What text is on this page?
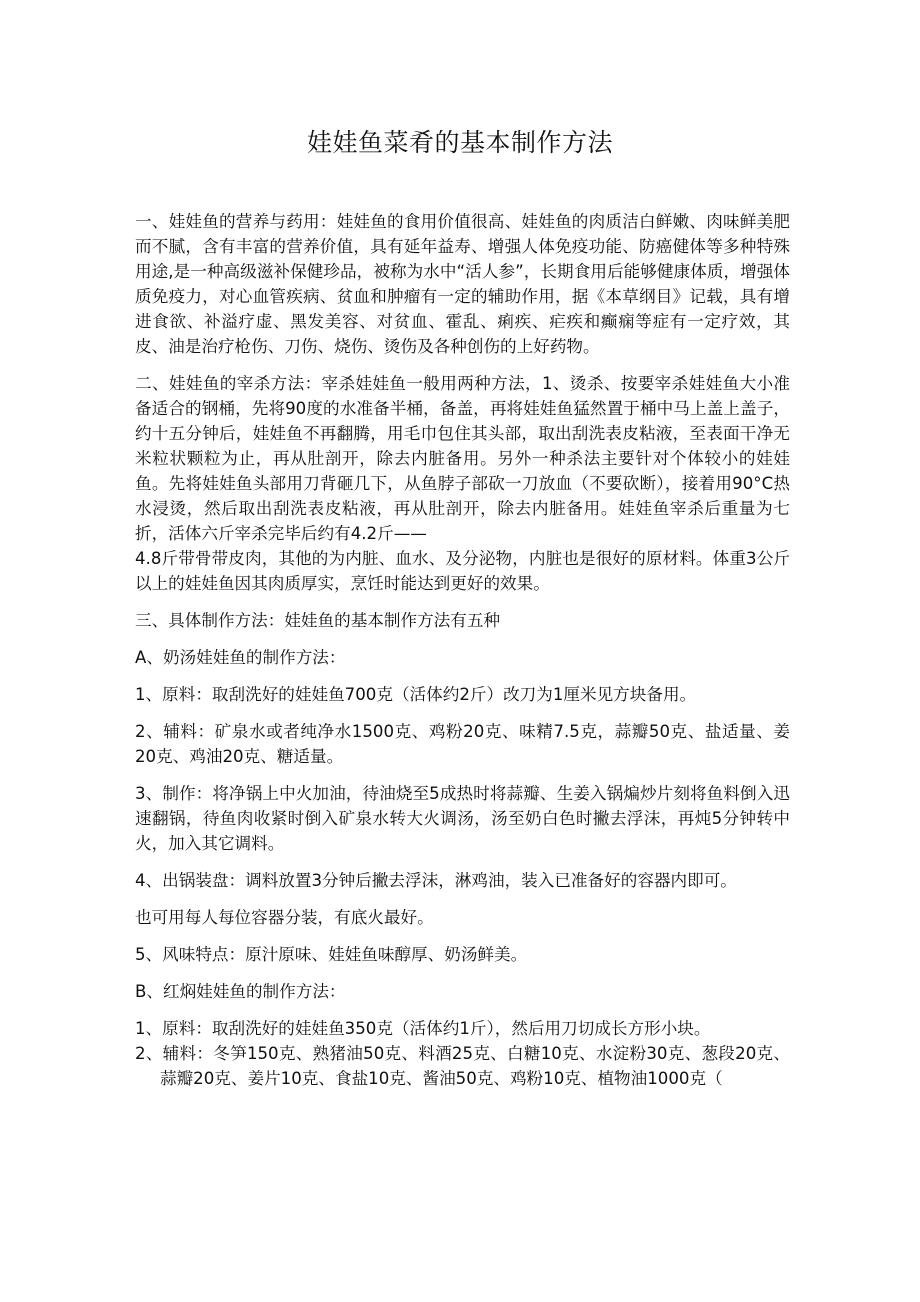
娃娃鱼菜肴的基本制作方法

一、娃娃鱼的营养与药用：娃娃鱼的食用价值很高、娃娃鱼的肉质洁白鲜嫩、肉味鲜美肥而不腻，含有丰富的营养价值，具有延年益寿、增强人体免疫功能、防癌健体等多种特殊用途,是一种高级滋补保健珍品，被称为水中“活人参”，长期食用后能够健康体质，增强体质免疫力，对心血管疾病、贫血和肿瘤有一定的辅助作用，据《本草纲目》记载，具有增进食欲、补溢疗虚、黑发美容、对贫血、霍乱、痢疾、疟疾和癫痫等症有一定疗效，其皮、油是治疗枪伤、刀伤、烧伤、烫伤及各种创伤的上好药物。

二、娃娃鱼的宰杀方法：宰杀娃娃鱼一般用两种方法，1、烫杀、按要宰杀娃娃鱼大小准备适合的钢桶，先将90度的水准备半桶，备盖，再将娃娃鱼猛然置于桶中马上盖上盖子，约十五分钟后，娃娃鱼不再翻腾，用毛巾包住其头部，取出刮洗表皮粘液，至表面干净无米粒状颗粒为止，再从肚剖开，除去内脏备用。另外一种杀法主要针对个体较小的娃娃鱼。先将娃娃鱼头部用刀背砸几下，从鱼脖子部砍一刀放血（不要砍断），接着用90°C热水浸烫，然后取出刮洗表皮粘液，再从肚剖开，除去内脏备用。娃娃鱼宰杀后重量为七折，活体六斤宰杀完毕后约有4.2斤——

4.8斤带骨带皮肉，其他的为内脏、血水、及分泌物，内脏也是很好的原材料。体重3公斤以上的娃娃鱼因其肉质厚实，烹饪时能达到更好的效果。

三、具体制作方法：娃娃鱼的基本制作方法有五种

A、奶汤娃娃鱼的制作方法：

1、原料：取刮洗好的娃娃鱼700克（活体约2斤）改刀为1厘米见方块备用。

2、辅料：矿泉水或者纯净水1500克、鸡粉20克、味精7.5克，蒜瓣50克、盐适量、姜20克、鸡油20克、糖适量。

3、制作：将净锅上中火加油，待油烧至5成热时将蒜瓣、生姜入锅煸炒片刻将鱼料倒入迅速翻锅，待鱼肉收紧时倒入矿泉水转大火调汤，汤至奶白色时撇去浮沫，再炖5分钟转中火，加入其它调料。

4、出锅装盘：调料放置3分钟后撇去浮沫，淋鸡油，装入已准备好的容器内即可。

也可用每人每位容器分装，有底火最好。

5、风味特点：原汁原味、娃娃鱼味醇厚、奶汤鲜美。

B、红焖娃娃鱼的制作方法：

1、原料：取刮洗好的娃娃鱼350克（活体约1斤），然后用刀切成长方形小块。

2、辅料：冬笋150克、熟猪油50克、料酒25克、白糖10克、水淀粉30克、葱段20克、蒜瓣20克、姜片10克、食盐10克、酱油50克、鸡粉10克、植物油1000克（
